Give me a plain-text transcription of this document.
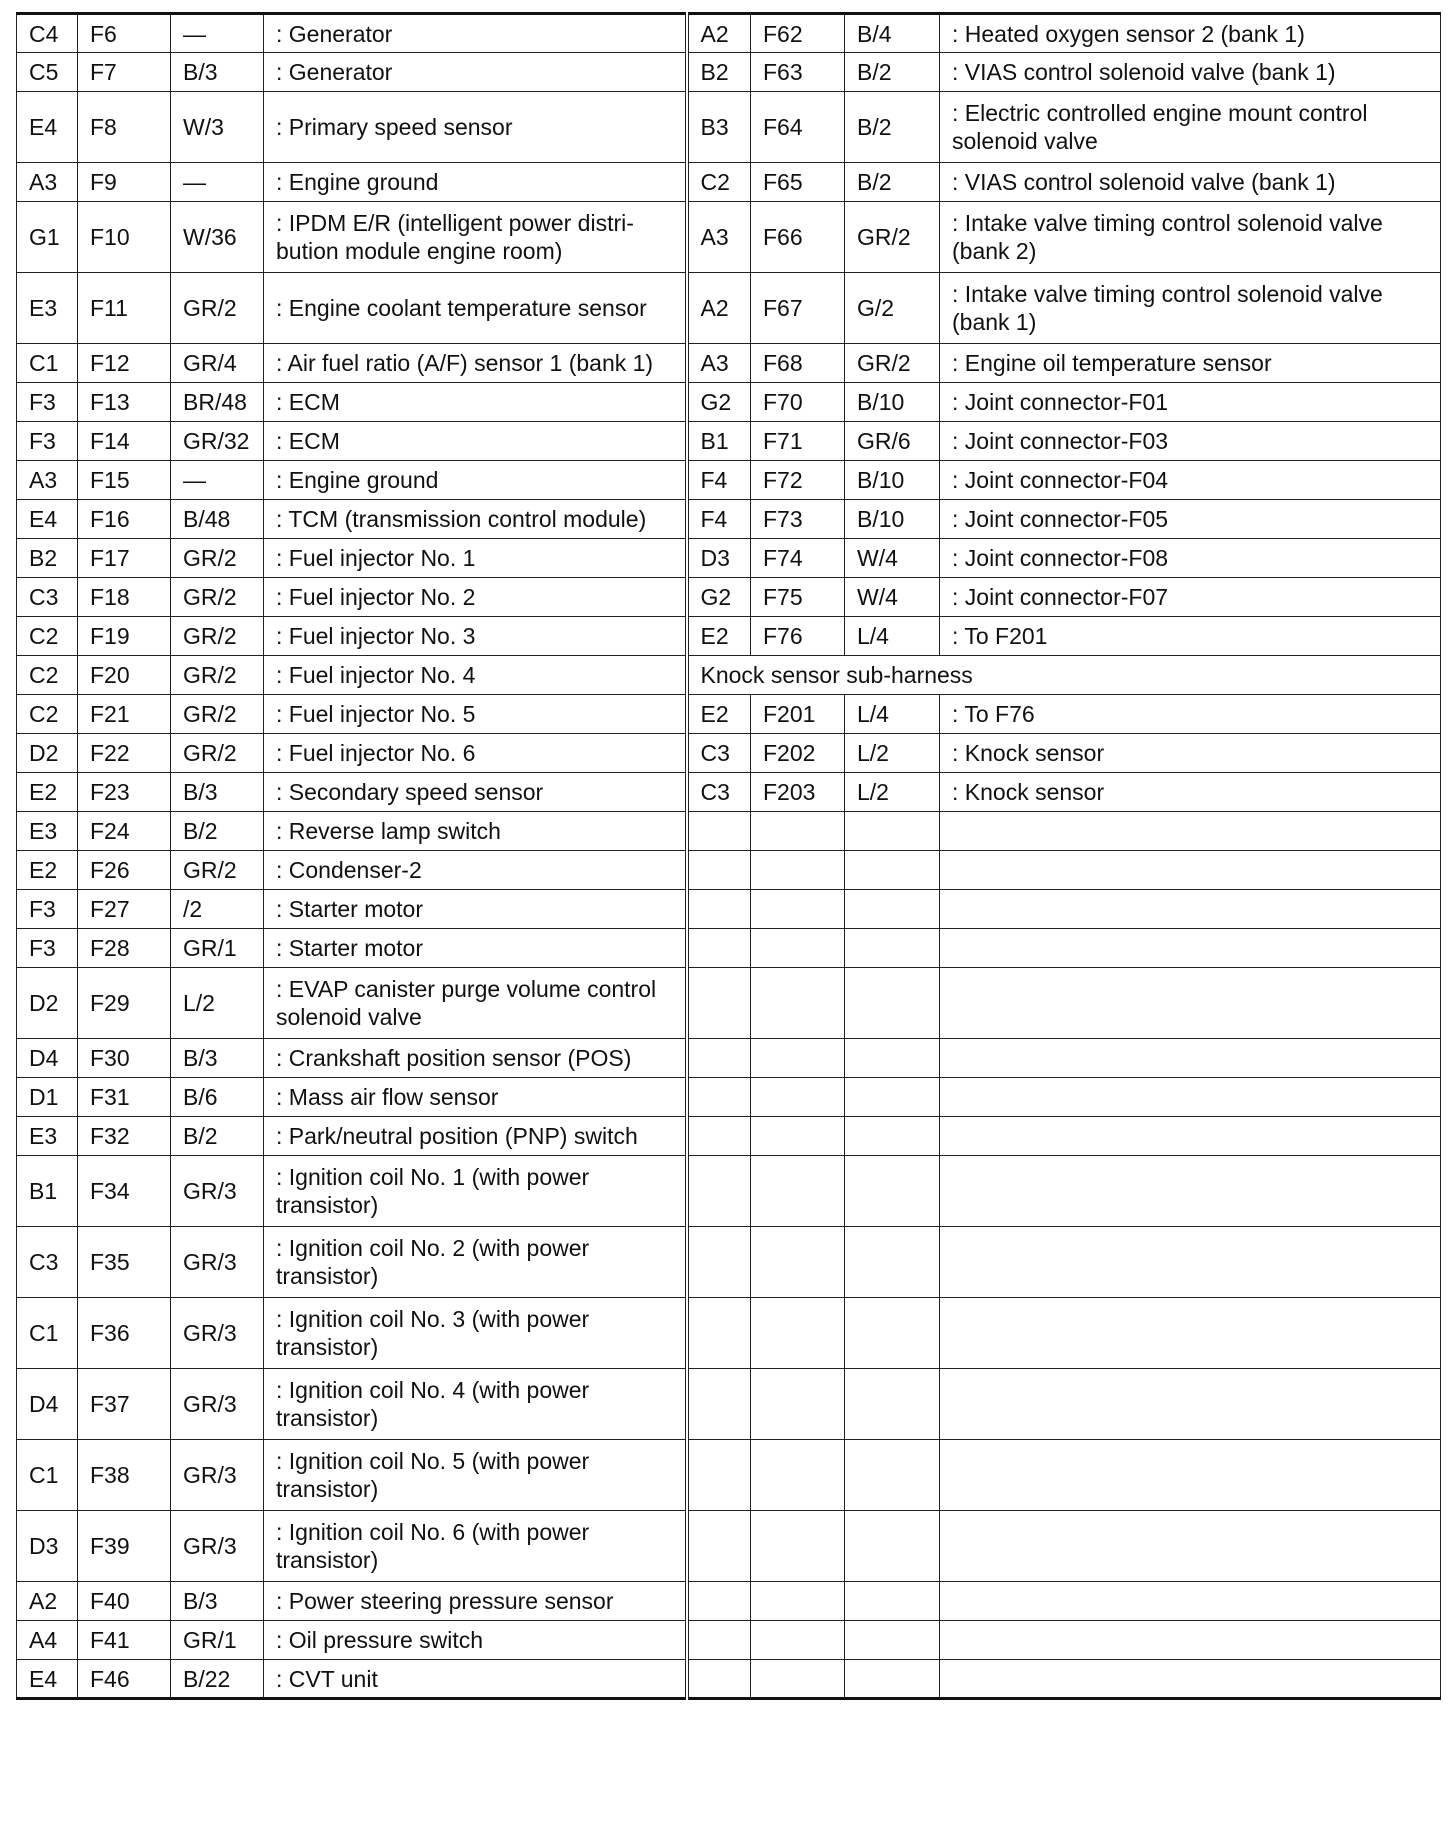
C4	F6	—	: Generator	A2	F62	B/4	: Heated oxygen sensor 2 (bank 1)
C5	F7	B/3	: Generator	B2	F63	B/2	: VIAS control solenoid valve (bank 1)
E4	F8	W/3	: Primary speed sensor	B3	F64	B/2	: Electric controlled engine mount control solenoid valve
A3	F9	—	: Engine ground	C2	F65	B/2	: VIAS control solenoid valve (bank 1)
G1	F10	W/36	: IPDM E/R (intelligent power distri- bution module engine room)	A3	F66	GR/2	: Intake valve timing control solenoid valve (bank 2)
E3	F11	GR/2	: Engine coolant temperature sensor	A2	F67	G/2	: Intake valve timing control solenoid valve (bank 1)
C1	F12	GR/4	: Air fuel ratio (A/F) sensor 1 (bank 1)	A3	F68	GR/2	: Engine oil temperature sensor
F3	F13	BR/48	: ECM	G2	F70	B/10	: Joint connector-F01
F3	F14	GR/32	: ECM	B1	F71	GR/6	: Joint connector-F03
A3	F15	—	: Engine ground	F4	F72	B/10	: Joint connector-F04
E4	F16	B/48	: TCM (transmission control module)	F4	F73	B/10	: Joint connector-F05
B2	F17	GR/2	: Fuel injector No. 1	D3	F74	W/4	: Joint connector-F08
C3	F18	GR/2	: Fuel injector No. 2	G2	F75	W/4	: Joint connector-F07
C2	F19	GR/2	: Fuel injector No. 3	E2	F76	L/4	: To F201
C2	F20	GR/2	: Fuel injector No. 4	Knock sensor sub-harness			
C2	F21	GR/2	: Fuel injector No. 5	E2	F201	L/4	: To F76
D2	F22	GR/2	: Fuel injector No. 6	C3	F202	L/2	: Knock sensor
E2	F23	B/3	: Secondary speed sensor	C3	F203	L/2	: Knock sensor
E3	F24	B/2	: Reverse lamp switch				
E2	F26	GR/2	: Condenser-2				
F3	F27	/2	: Starter motor				
F3	F28	GR/1	: Starter motor				
D2	F29	L/2	: EVAP canister purge volume control solenoid valve				
D4	F30	B/3	: Crankshaft position sensor (POS)				
D1	F31	B/6	: Mass air flow sensor				
E3	F32	B/2	: Park/neutral position (PNP) switch				
B1	F34	GR/3	: Ignition coil No. 1 (with power transistor)				
C3	F35	GR/3	: Ignition coil No. 2 (with power transistor)				
C1	F36	GR/3	: Ignition coil No. 3 (with power transistor)				
D4	F37	GR/3	: Ignition coil No. 4 (with power transistor)				
C1	F38	GR/3	: Ignition coil No. 5 (with power transistor)				
D3	F39	GR/3	: Ignition coil No. 6 (with power transistor)				
A2	F40	B/3	: Power steering pressure sensor				
A4	F41	GR/1	: Oil pressure switch				
E4	F46	B/22	: CVT unit				
